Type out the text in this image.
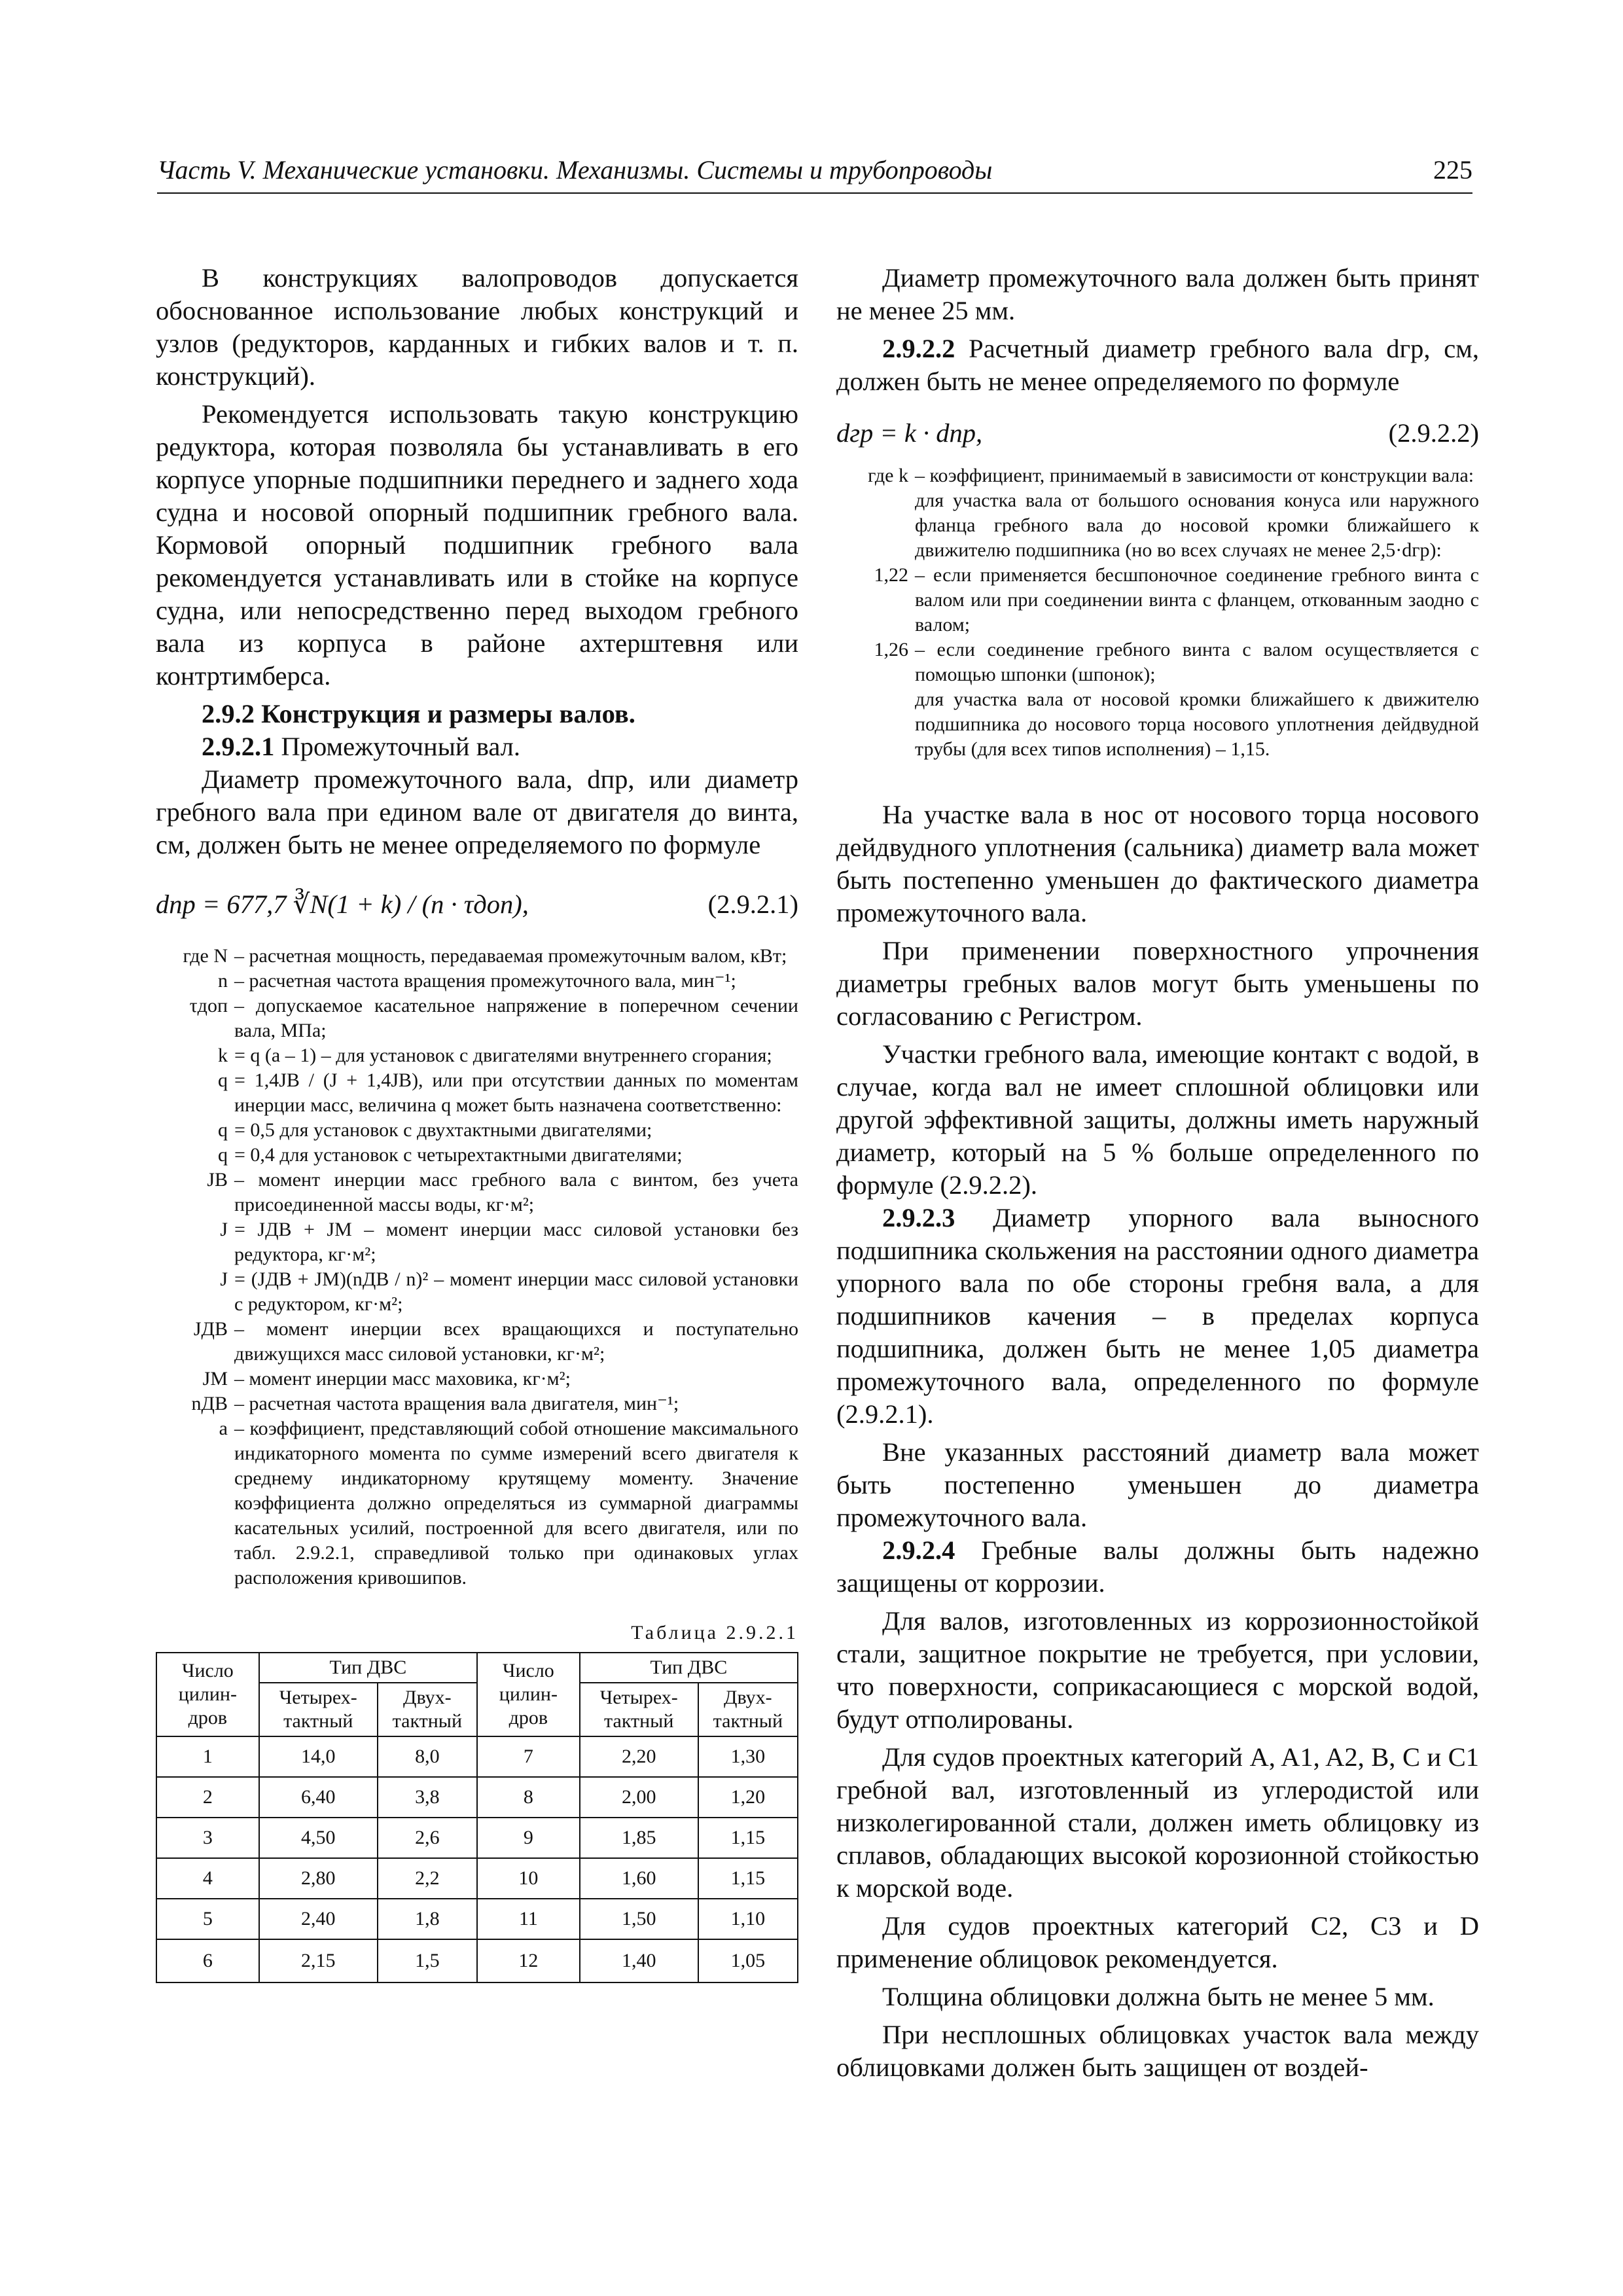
Часть V. Механические установки. Механизмы. Системы и трубопроводы	225

В конструкциях валопроводов допускается обоснованное использование любых конструкций и узлов (редукторов, карданных и гибких валов и т. п. конструкций).

Рекомендуется использовать такую конструкцию редуктора, которая позволяла бы устанавливать в его корпусе упорные подшипники переднего и заднего хода судна и носовой опорный подшипник гребного вала. Кормовой опорный подшипник гребного вала рекомендуется устанавливать или в стойке на корпусе судна, или непосредственно перед выходом гребного вала из корпуса в районе ахтерштевня или контртимберса.

2.9.2 Конструкция и размеры валов.

2.9.2.1 Промежуточный вал.

Диаметр промежуточного вала, dпр, или диаметр гребного вала при едином вале от двигателя до винта, см, должен быть не менее определяемого по формуле

dпр = 677,7 ∛N(1 + k) / (n · τдоп),	(2.9.2.1)
где N – расчетная мощность, передаваемая промежуточным валом, кВт;
n – расчетная частота вращения промежуточного вала, мин⁻¹;
τдоп – допускаемое касательное напряжение в поперечном сечении вала, МПа;
k = q (a – 1) – для установок с двигателями внутреннего сгорания;
q = 1,4JВ / (J + 1,4JВ), или при отсутствии данных по моментам инерции масс, величина q может быть назначена соответственно:
q = 0,5 для установок с двухтактными двигателями;
q = 0,4 для установок с четырехтактными двигателями;
JВ – момент инерции масс гребного вала с винтом, без учета присоединенной массы воды, кг·м²;
J = JДВ + JМ – момент инерции масс силовой установки без редуктора, кг·м²;
J = (JДВ + JМ)(nДВ / n)² – момент инерции масс силовой установки с редуктором, кг·м²;
JДВ – момент инерции всех вращающихся и поступательно движущихся масс силовой установки, кг·м²;
JМ – момент инерции масс маховика, кг·м²;
nДВ – расчетная частота вращения вала двигателя, мин⁻¹;
a – коэффициент, представляющий собой отношение максимального индикаторного момента по сумме измерений всего двигателя к среднему индикаторному крутящему моменту. Значение коэффициента должно определяться из суммарной диаграммы касательных усилий, построенной для всего двигателя, или по табл. 2.9.2.1, справедливой только при одинаковых углах расположения кривошипов.
Таблица 2.9.2.1
Число цилин-дров	Тип ДВС		Число цилин-дров	Тип ДВС	
	Четырех-тактный	Двух-тактный		Четырех-тактный	Двух-тактный
1	14,0	8,0	7	2,20	1,30
2	6,40	3,8	8	2,00	1,20
3	4,50	2,6	9	1,85	1,15
4	2,80	2,2	10	1,60	1,15
5	2,40	1,8	11	1,50	1,10
6	2,15	1,5	12	1,40	1,05

Диаметр промежуточного вала должен быть принят не менее 25 мм.

2.9.2.2 Расчетный диаметр гребного вала dгр, см, должен быть не менее определяемого по формуле

dгр = k · dпр,	(2.9.2.2)
где k – коэффициент, принимаемый в зависимости от конструкции вала:
для участка вала от большого основания конуса или наружного фланца гребного вала до носовой кромки ближайшего к движителю подшипника (но во всех случаях не менее 2,5·dгр):
1,22 – если применяется бесшпоночное соединение гребного винта с валом или при соединении винта с фланцем, откованным заодно с валом;
1,26 – если соединение гребного винта с валом осуществляется с помощью шпонки (шпонок);
для участка вала от носовой кромки ближайшего к движителю подшипника до носового торца носового уплотнения дейдвудной трубы (для всех типов исполнения) – 1,15.

На участке вала в нос от носового торца носового дейдвудного уплотнения (сальника) диаметр вала может быть постепенно уменьшен до фактического диаметра промежуточного вала.

При применении поверхностного упрочнения диаметры гребных валов могут быть уменьшены по согласованию с Регистром.

Участки гребного вала, имеющие контакт с водой, в случае, когда вал не имеет сплошной облицовки или другой эффективной защиты, должны иметь наружный диаметр, который на 5 % больше определенного по формуле (2.9.2.2).

2.9.2.3 Диаметр упорного вала выносного подшипника скольжения на расстоянии одного диаметра упорного вала по обе стороны гребня вала, а для подшипников качения – в пределах корпуса подшипника, должен быть не менее 1,05 диаметра промежуточного вала, определенного по формуле (2.9.2.1).

Вне указанных расстояний диаметр вала может быть постепенно уменьшен до диаметра промежуточного вала.

2.9.2.4 Гребные валы должны быть надежно защищены от коррозии.

Для валов, изготовленных из коррозионностойкой стали, защитное покрытие не требуется, при условии, что поверхности, соприкасающиеся с морской водой, будут отполированы.

Для судов проектных категорий A, A1, A2, B, C и C1 гребной вал, изготовленный из углеродистой или низколегированной стали, должен иметь облицовку из сплавов, обладающих высокой корозионной стойкостью к морской воде.

Для судов проектных категорий C2, C3 и D применение облицовок рекомендуется.

Толщина облицовки должна быть не менее 5 мм.

При несплошных облицовках участок вала между облицовками должен быть защищен от воздей-
